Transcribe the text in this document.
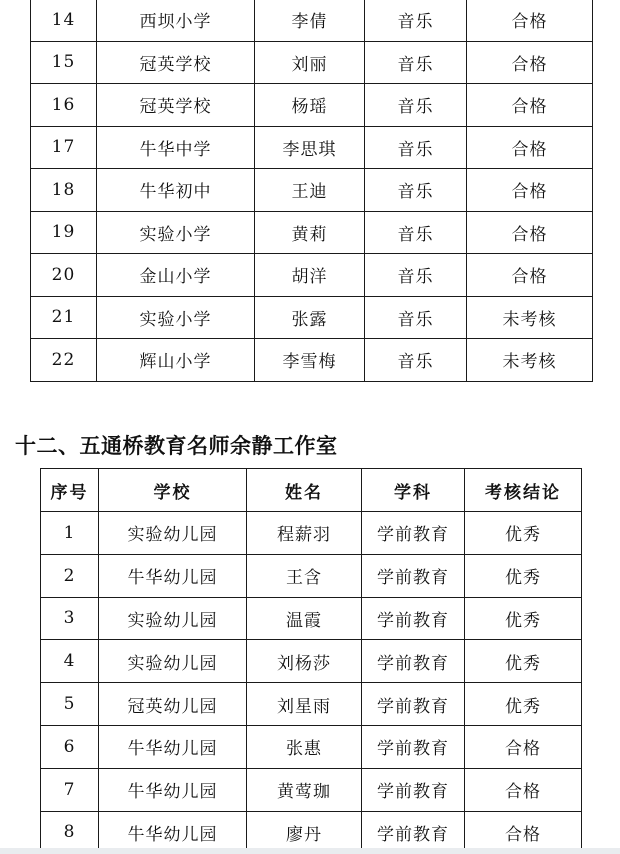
14	西坝小学	李倩	音乐	合格
15	冠英学校	刘丽	音乐	合格
16	冠英学校	杨瑶	音乐	合格
17	牛华中学	李思琪	音乐	合格
18	牛华初中	王迪	音乐	合格
19	实验小学	黄莉	音乐	合格
20	金山小学	胡洋	音乐	合格
21	实验小学	张露	音乐	未考核
22	辉山小学	李雪梅	音乐	未考核
十二、五通桥教育名师余静工作室
序号	学校	姓名	学科	考核结论
1	实验幼儿园	程薪羽	学前教育	优秀
2	牛华幼儿园	王含	学前教育	优秀
3	实验幼儿园	温霞	学前教育	优秀
4	实验幼儿园	刘杨莎	学前教育	优秀
5	冠英幼儿园	刘星雨	学前教育	优秀
6	牛华幼儿园	张惠	学前教育	合格
7	牛华幼儿园	黄莺珈	学前教育	合格
8	牛华幼儿园	廖丹	学前教育	合格
